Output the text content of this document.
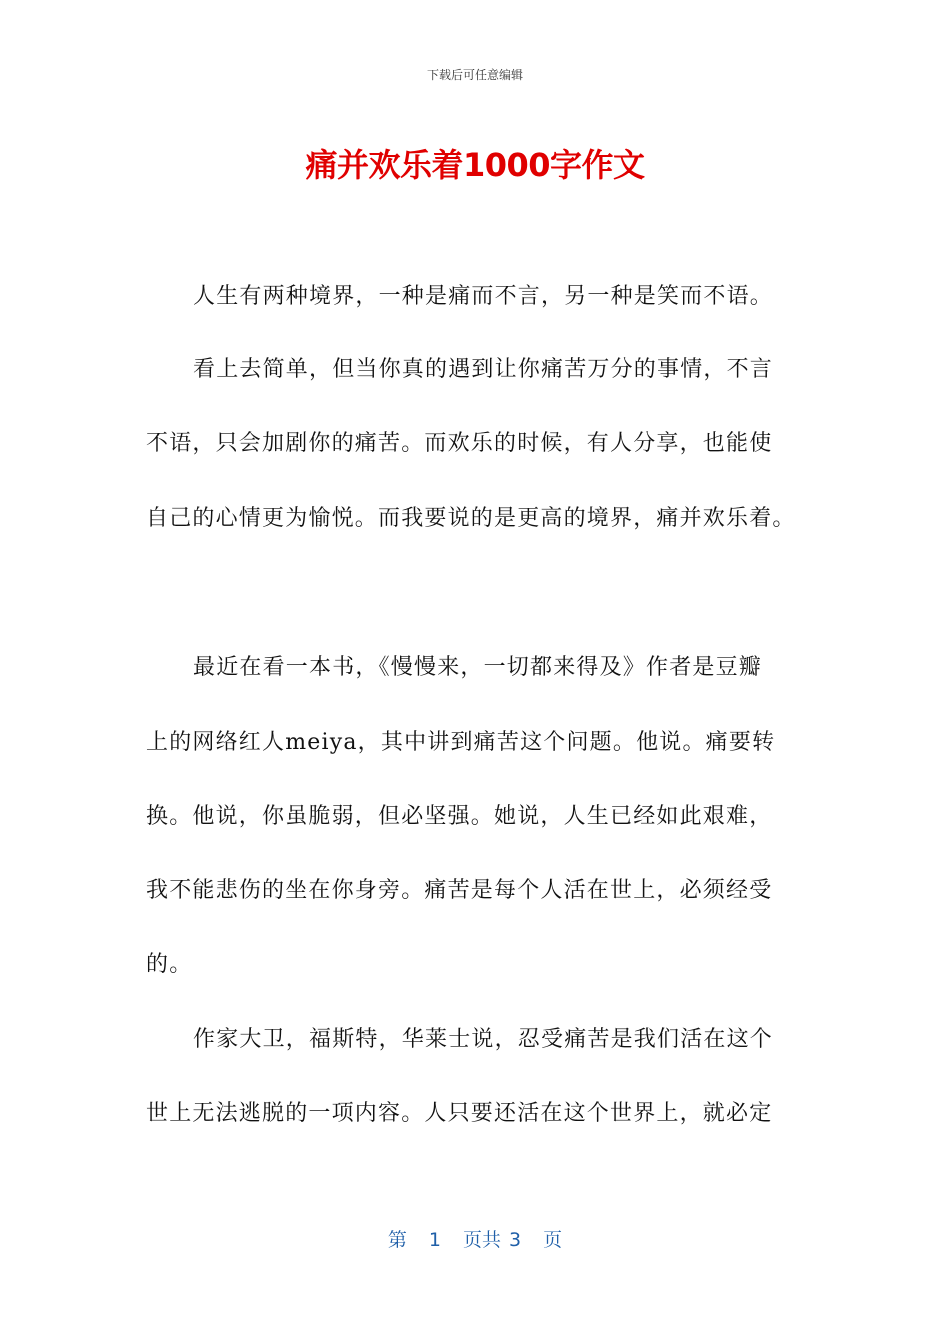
下载后可任意编辑
痛并欢乐着1000字作文
人生有两种境界，一种是痛而不言，另一种是笑而不语。
看上去简单，但当你真的遇到让你痛苦万分的事情，不言
不语，只会加剧你的痛苦。而欢乐的时候，有人分享，也能使
自己的心情更为愉悦。而我要说的是更高的境界，痛并欢乐着。
最近在看一本书，《慢慢来，一切都来得及》作者是豆瓣
上的网络红人meiya，其中讲到痛苦这个问题。他说。痛要转
换。他说，你虽脆弱，但必坚强。她说，人生已经如此艰难，
我不能悲伤的坐在你身旁。痛苦是每个人活在世上，必须经受
的。
作家大卫，福斯特，华莱士说，忍受痛苦是我们活在这个
世上无法逃脱的一项内容。人只要还活在这个世界上，就必定
第 1 页共 3 页
